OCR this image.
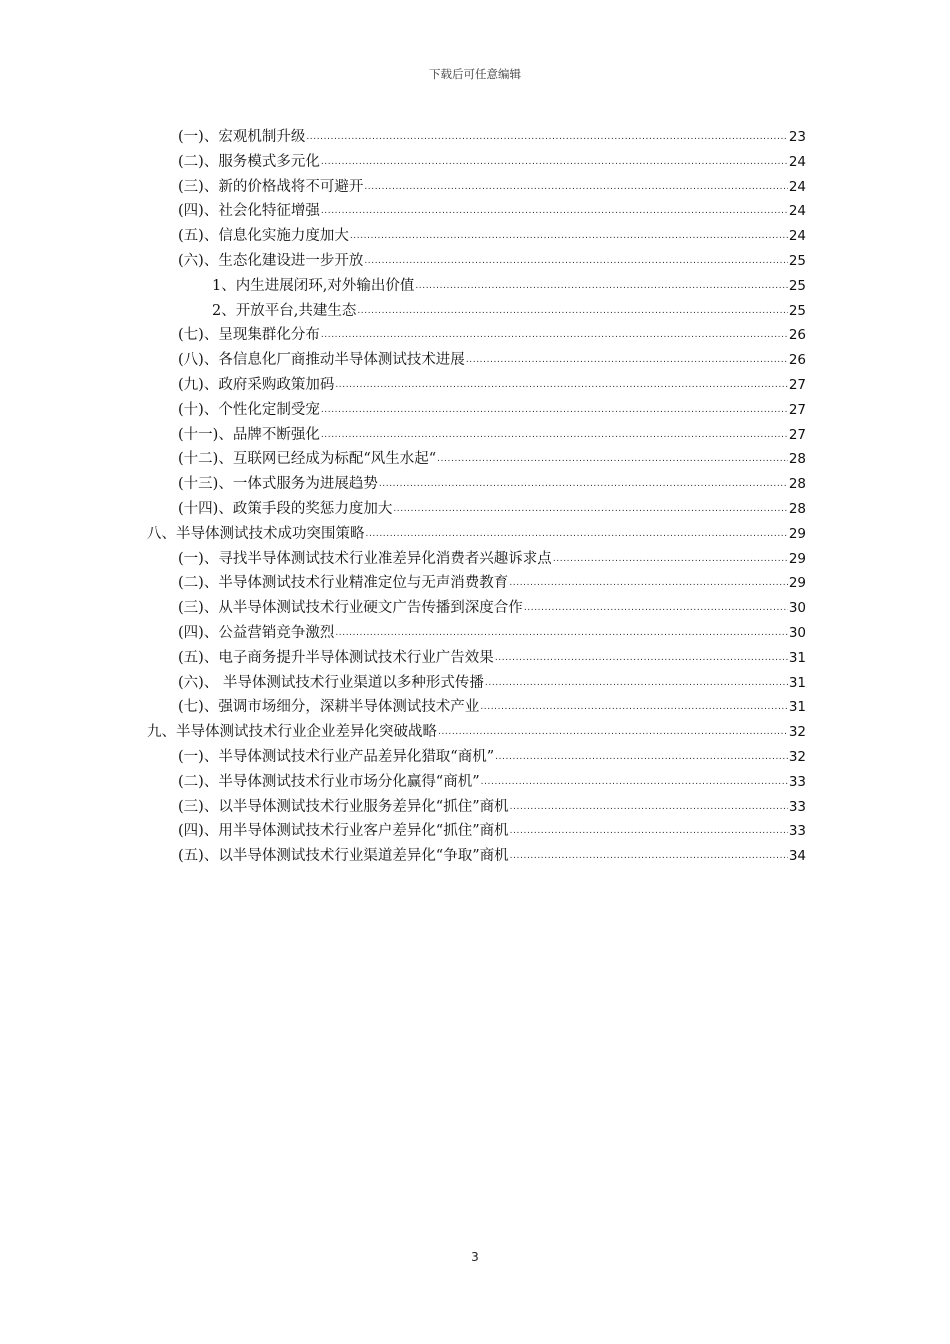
下载后可任意编辑
(一)、宏观机制升级 .....	23
(二)、服务模式多元化 .....	24
(三)、新的价格战将不可避开 .....	24
(四)、社会化特征增强 .....	24
(五)、信息化实施力度加大 .....	24
(六)、生态化建设进一步开放 .....	25
1、内生进展闭环,对外输出价值 .....	25
2、开放平台,共建生态 .....	25
(七)、呈现集群化分布 .....	26
(八)、各信息化厂商推动半导体测试技术进展 .....	26
(九)、政府采购政策加码 .....	27
(十)、个性化定制受宠 .....	27
(十一)、品牌不断强化 .....	27
(十二)、互联网已经成为标配“风生水起“ .....	28
(十三)、一体式服务为进展趋势 .....	28
(十四)、政策手段的奖惩力度加大 .....	28
八、半导体测试技术成功突围策略 .....	29
(一)、寻找半导体测试技术行业准差异化消费者兴趣诉求点 .....	29
(二)、半导体测试技术行业精准定位与无声消费教育 .....	29
(三)、从半导体测试技术行业硬文广告传播到深度合作 .....	30
(四)、公益营销竞争激烈 .....	30
(五)、电子商务提升半导体测试技术行业广告效果 .....	31
(六)、 半导体测试技术行业渠道以多种形式传播 .....	31
(七)、强调市场细分，深耕半导体测试技术产业 .....	31
九、半导体测试技术行业企业差异化突破战略 .....	32
(一)、半导体测试技术行业产品差异化猎取“商机” .....	32
(二)、半导体测试技术行业市场分化赢得“商机” .....	33
(三)、以半导体测试技术行业服务差异化“抓住”商机 .....	33
(四)、用半导体测试技术行业客户差异化“抓住”商机 .....	33
(五)、以半导体测试技术行业渠道差异化“争取”商机 .....	34
3
